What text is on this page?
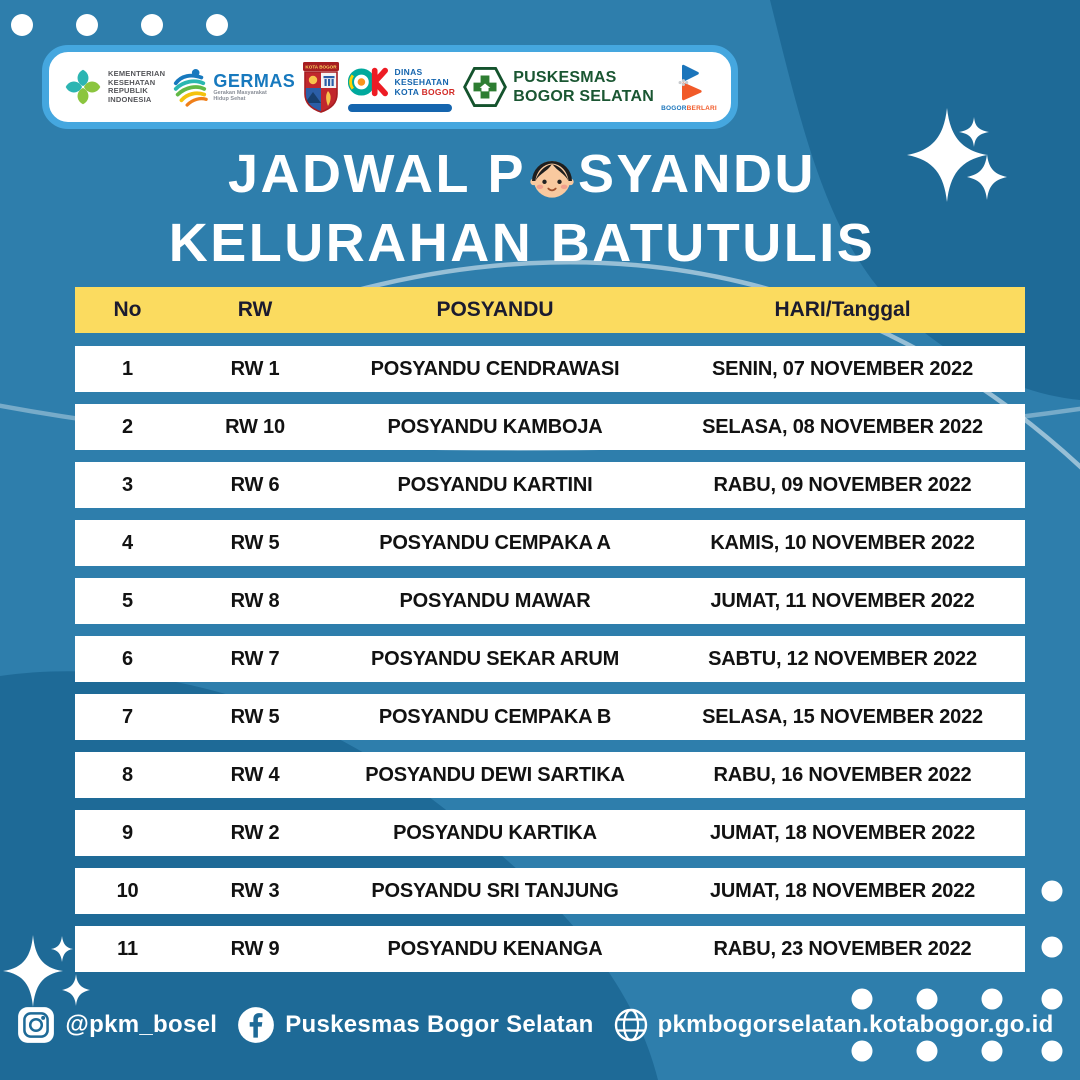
KEMENTERIAN
KESEHATAN
REPUBLIK
INDONESIA
GERMAS
Gerakan Masyarakat
Hidup Sehat
KOTA BOGOR	DINAS
KESEHATAN
KOTA BOGOR
PUSKESMAS
BOGOR SELATAN
BOGORBERLARI
JADWAL P SYANDU
KELURAHAN BATUTULIS
No	RW	POSYANDU	HARI/Tanggal
1	RW 1	POSYANDU CENDRAWASI	SENIN, 07 NOVEMBER 2022
2	RW 10	POSYANDU KAMBOJA	SELASA, 08 NOVEMBER 2022
3	RW 6	POSYANDU KARTINI	RABU, 09 NOVEMBER 2022
4	RW 5	POSYANDU CEMPAKA A	KAMIS, 10 NOVEMBER 2022
5	RW 8	POSYANDU MAWAR	JUMAT, 11 NOVEMBER 2022
6	RW 7	POSYANDU SEKAR ARUM	SABTU, 12 NOVEMBER 2022
7	RW 5	POSYANDU CEMPAKA B	SELASA, 15 NOVEMBER 2022
8	RW 4	POSYANDU DEWI SARTIKA	RABU, 16 NOVEMBER 2022
9	RW 2	POSYANDU KARTIKA	JUMAT, 18 NOVEMBER 2022
10	RW 3	POSYANDU SRI TANJUNG	JUMAT, 18 NOVEMBER 2022
11	RW 9	POSYANDU KENANGA	RABU, 23 NOVEMBER 2022
@pkm_bosel	Puskesmas Bogor Selatan	pkmbogorselatan.kotabogor.go.id
